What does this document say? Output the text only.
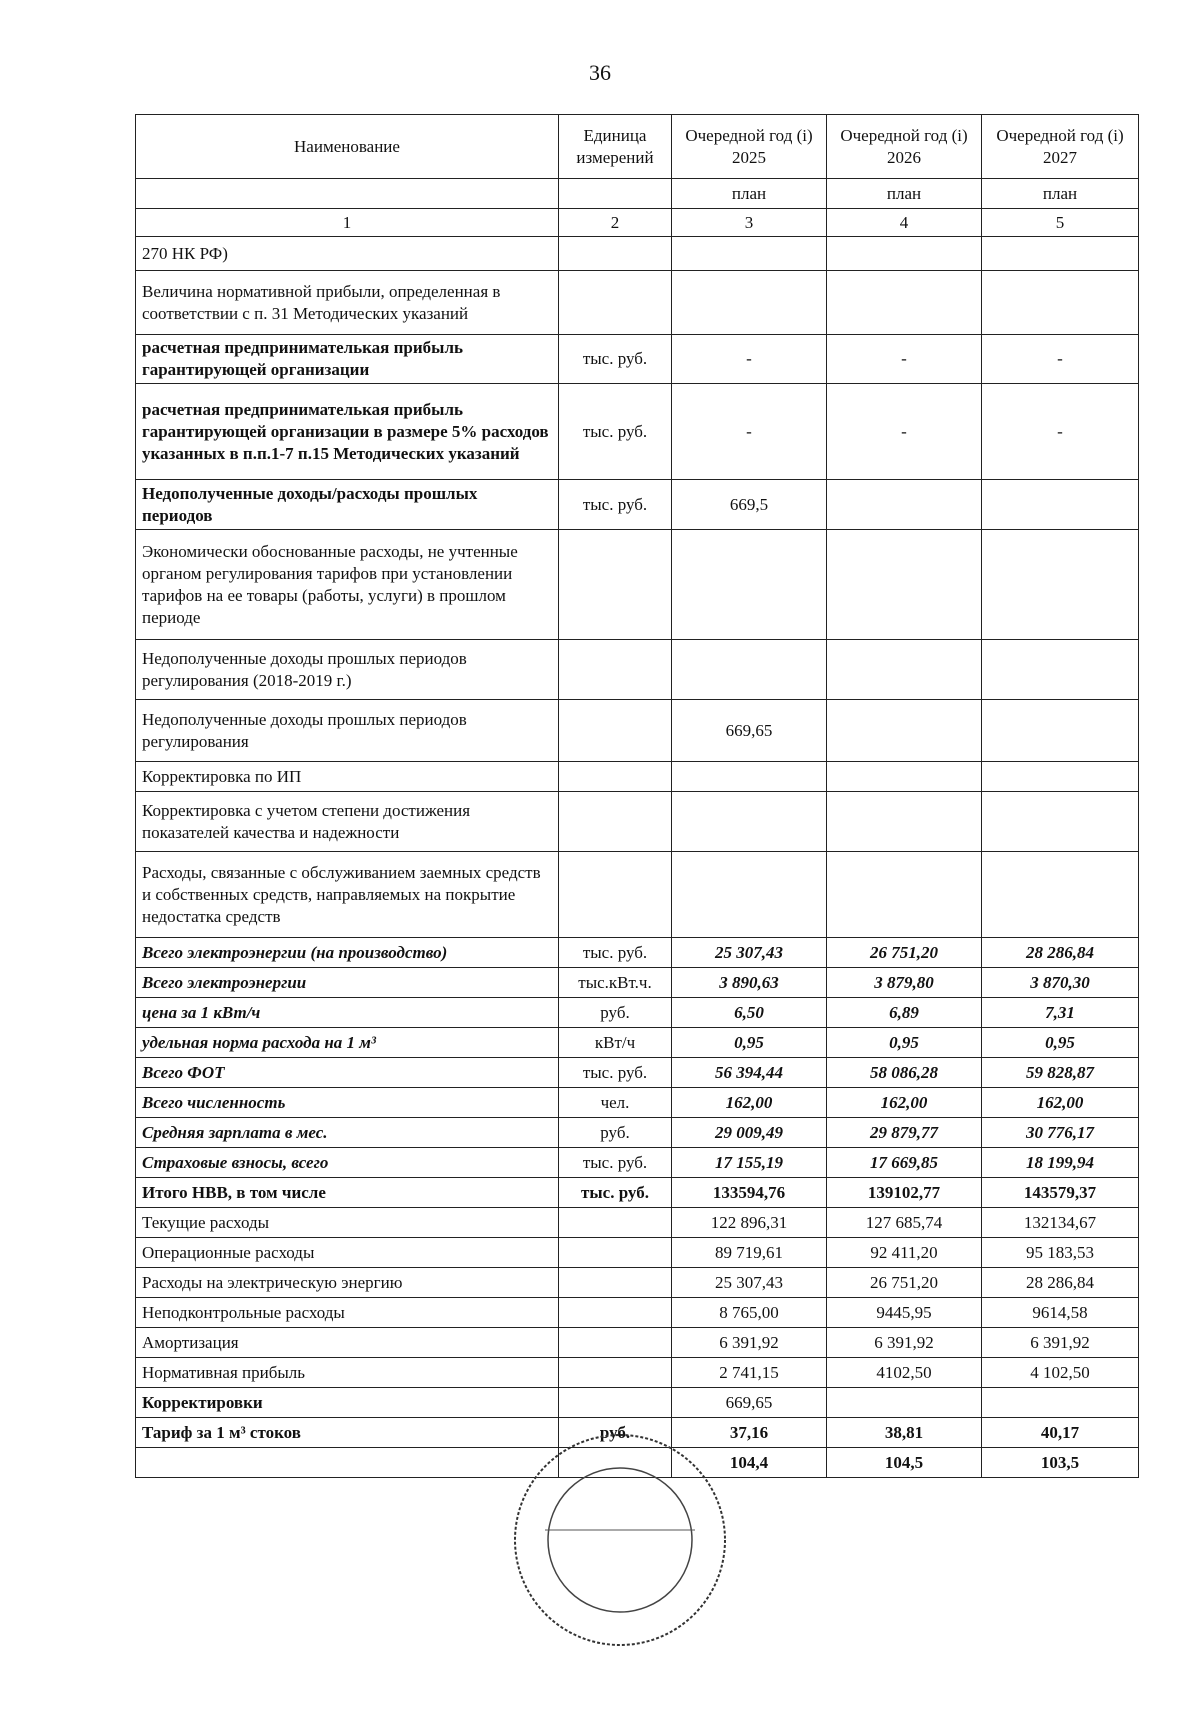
36
Наименование	Единица измерений	Очередной год (i) 2025	Очередной год (i) 2026	Очередной год (i) 2027
		план	план	план
1	2	3	4	5
270 НК РФ)				
Величина нормативной прибыли, определенная в соответствии с п. 31 Методических указаний				
расчетная предпринимателькая прибыль гарантирующей организации	тыс. руб.	-	-	-
расчетная предпринимателькая прибыль гарантирующей организации в размере 5% расходов указанных в п.п.1-7 п.15 Методических указаний	тыс. руб.	-	-	-
Недополученные доходы/расходы прошлых периодов	тыс. руб.	669,5		
Экономически обоснованные расходы, не учтенные органом регулирования тарифов при установлении тарифов на ее товары (работы, услуги) в прошлом периоде				
Недополученные доходы прошлых периодов регулирования (2018-2019 г.)				
Недополученные доходы прошлых периодов регулирования		669,65		
Корректировка по ИП				
Корректировка с учетом степени достижения показателей качества и надежности				
Расходы, связанные с обслуживанием заемных средств и собственных средств, направляемых на покрытие недостатка средств				
Всего электроэнергии (на производство)	тыс. руб.	25 307,43	26 751,20	28 286,84
Всего электроэнергии	тыс.кВт.ч.	3 890,63	3 879,80	3 870,30
цена за 1 кВт/ч	руб.	6,50	6,89	7,31
удельная норма расхода на 1 м³	кВт/ч	0,95	0,95	0,95
Всего ФОТ	тыс. руб.	56 394,44	58 086,28	59 828,87
Всего численность	чел.	162,00	162,00	162,00
Средняя зарплата в мес.	руб.	29 009,49	29 879,77	30 776,17
Страховые взносы, всего	тыс. руб.	17 155,19	17 669,85	18 199,94
Итого НВВ, в том числе	тыс. руб.	133594,76	139102,77	143579,37
Текущие расходы		122 896,31	127 685,74	132134,67
Операционные расходы		89 719,61	92 411,20	95 183,53
Расходы на электрическую энергию		25 307,43	26 751,20	28 286,84
Неподконтрольные расходы		8 765,00	9445,95	9614,58
Амортизация		6 391,92	6 391,92	6 391,92
Нормативная прибыль		2 741,15	4102,50	4 102,50
Корректировки		669,65		
Тариф за 1 м³ стоков	руб.	37,16	38,81	40,17
		104,4	104,5	103,5
